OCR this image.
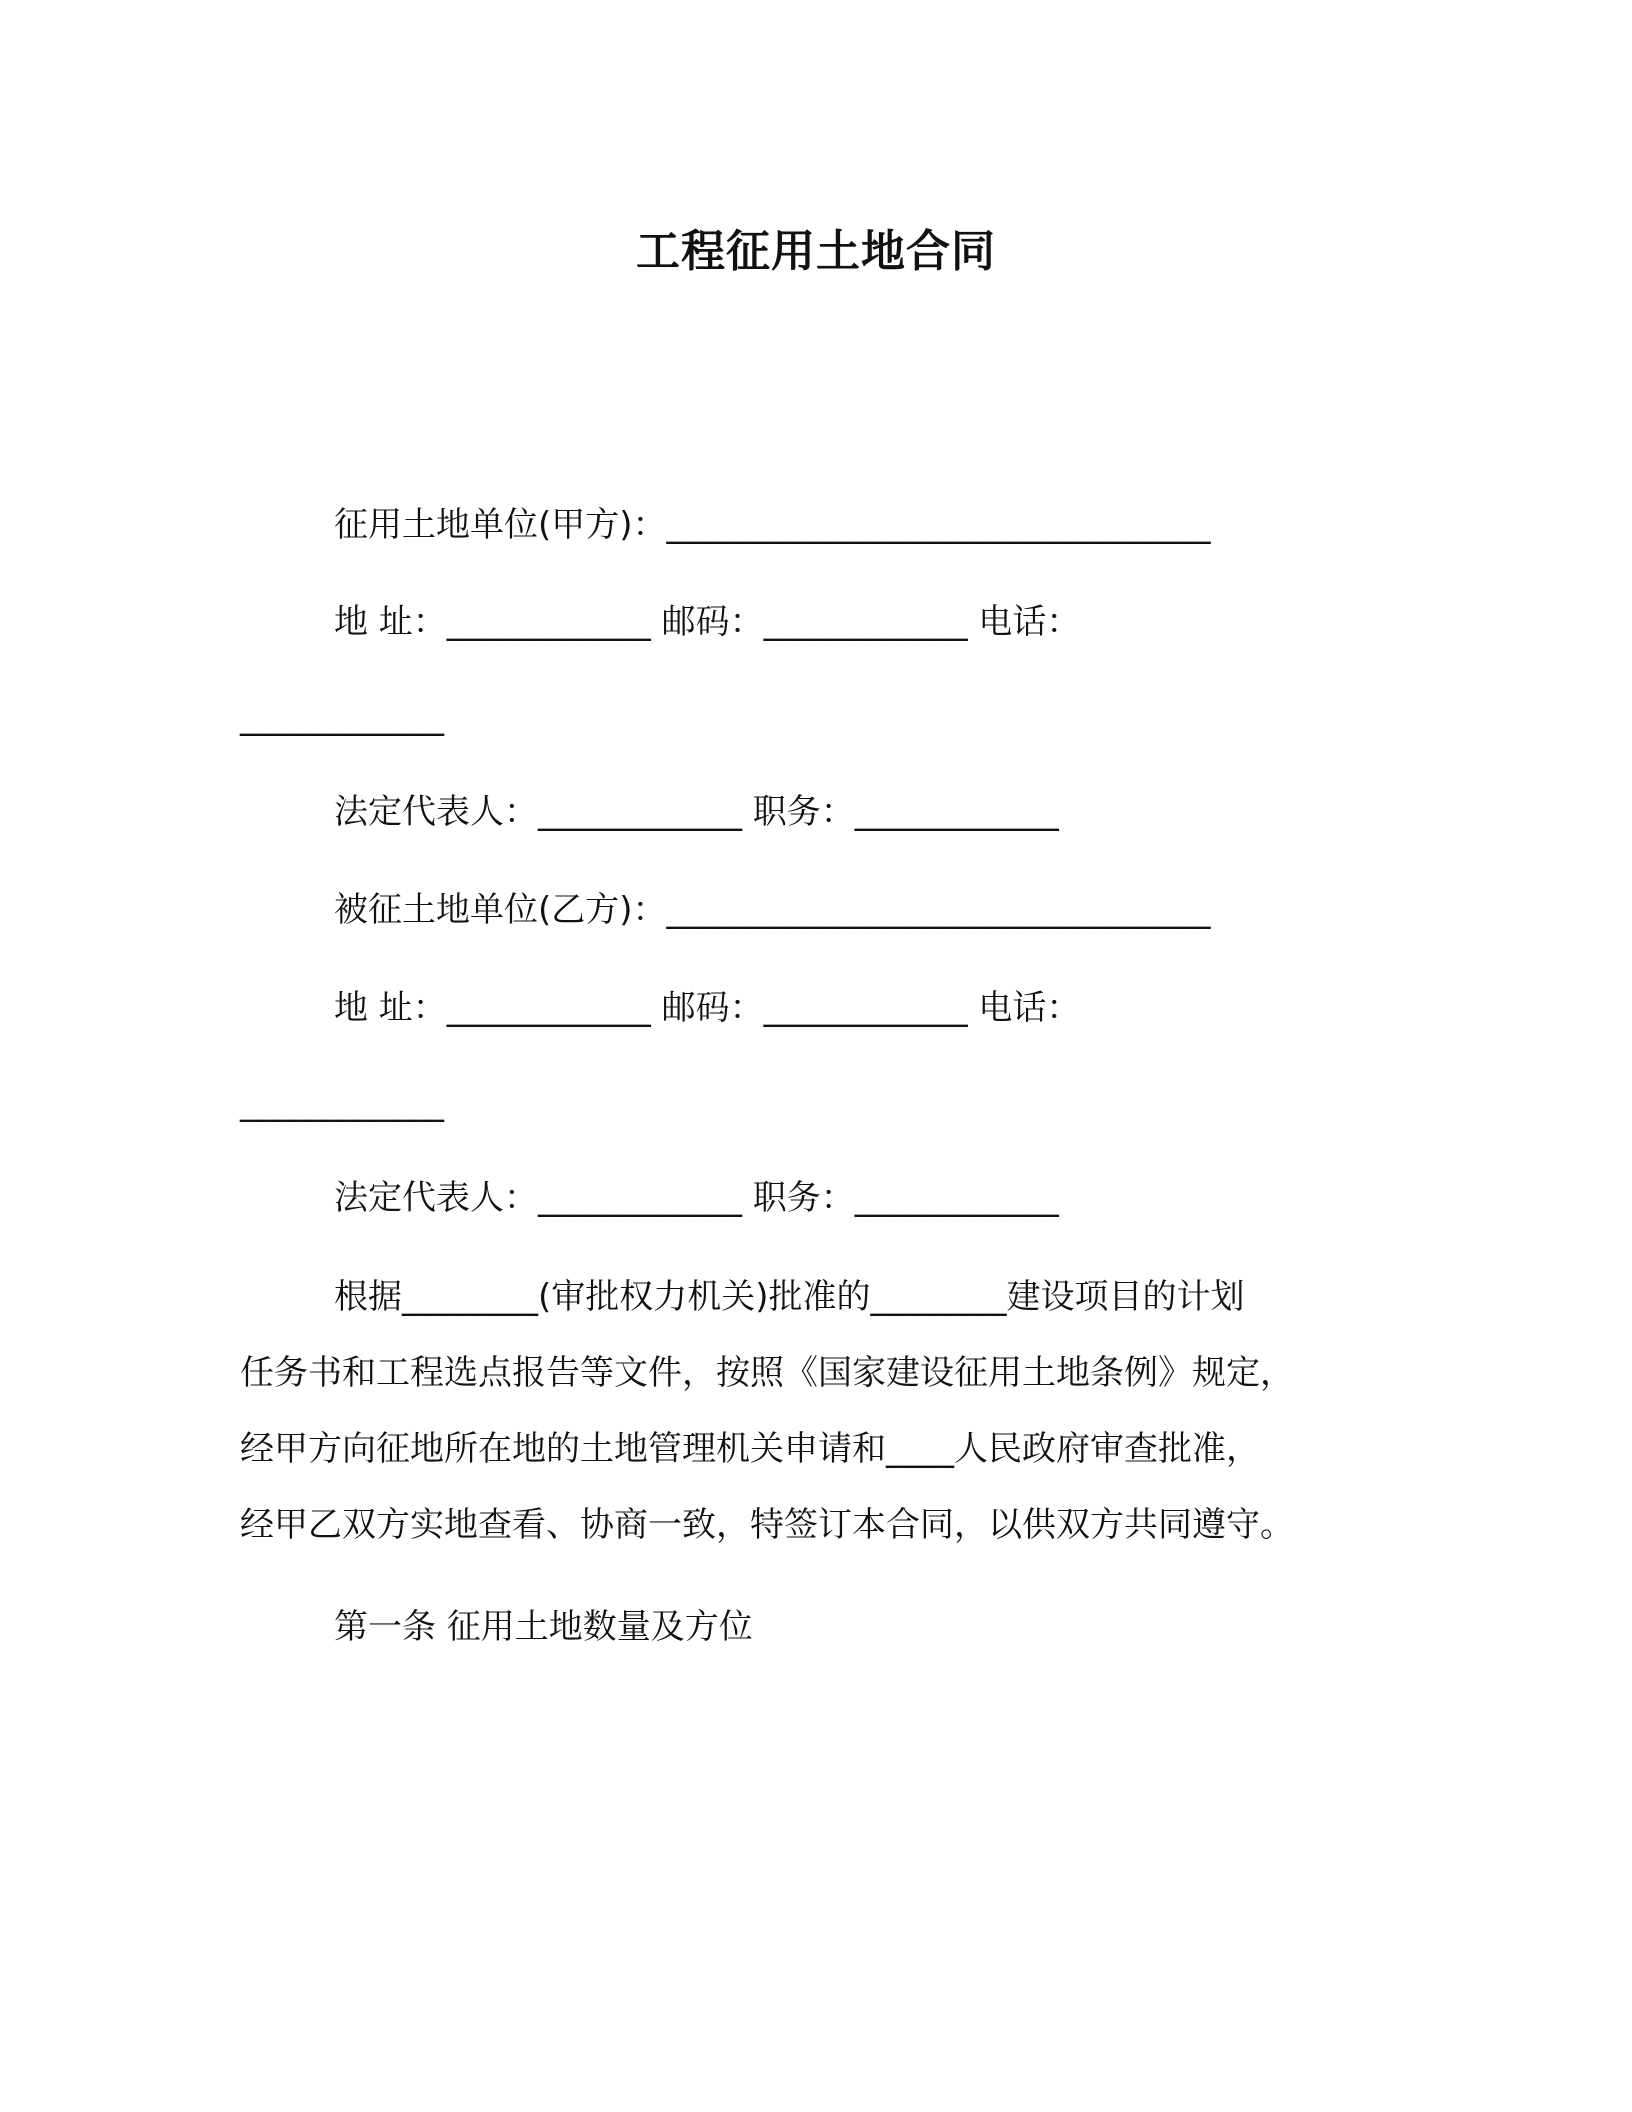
工程征用土地合同
征用土地单位(甲方)：________________________________
地 址：____________ 邮码：____________ 电话：
____________
法定代表人：____________ 职务：____________
被征土地单位(乙方)：________________________________
地 址：____________ 邮码：____________ 电话：
____________
法定代表人：____________ 职务：____________
根据________(审批权力机关)批准的________建设项目的计划
任务书和工程选点报告等文件，按照《国家建设征用土地条例》规定，
经甲方向征地所在地的土地管理机关申请和____人民政府审查批准，
经甲乙双方实地查看、协商一致，特签订本合同，以供双方共同遵守。
第一条 征用土地数量及方位
